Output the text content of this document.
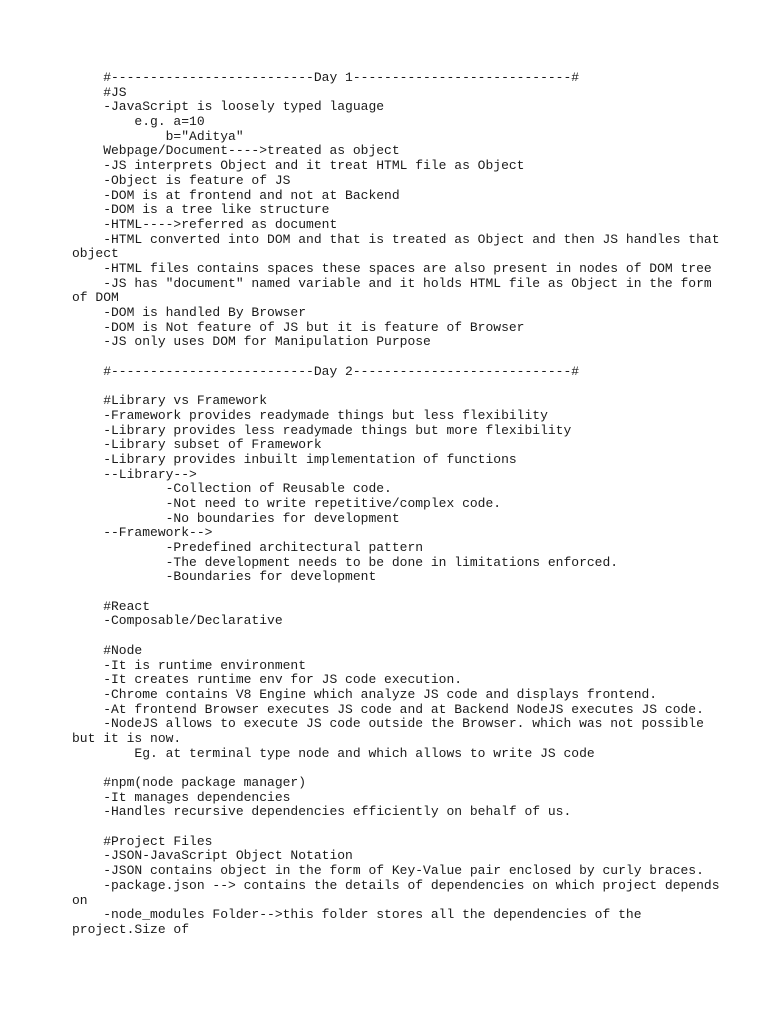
#--------------------------Day 1----------------------------#
#JS
-JavaScript is loosely typed laguage
e.g. a=10
b="Aditya"
Webpage/Document---->treated as object
-JS interprets Object and it treat HTML file as Object
-Object is feature of JS
-DOM is at frontend and not at Backend
-DOM is a tree like structure
-HTML---->referred as document
-HTML converted into DOM and that is treated as Object and then JS handles that
object
-HTML files contains spaces these spaces are also present in nodes of DOM tree
-JS has "document" named variable and it holds HTML file as Object in the form
of DOM
-DOM is handled By Browser
-DOM is Not feature of JS but it is feature of Browser
-JS only uses DOM for Manipulation Purpose
#--------------------------Day 2----------------------------#
#Library vs Framework
-Framework provides readymade things but less flexibility
-Library provides less readymade things but more flexibility
-Library subset of Framework
-Library provides inbuilt implementation of functions
--Library-->
-Collection of Reusable code.
-Not need to write repetitive/complex code.
-No boundaries for development
--Framework-->
-Predefined architectural pattern
-The development needs to be done in limitations enforced.
-Boundaries for development
#React
-Composable/Declarative
#Node
-It is runtime environment
-It creates runtime env for JS code execution.
-Chrome contains V8 Engine which analyze JS code and displays frontend.
-At frontend Browser executes JS code and at Backend NodeJS executes JS code.
-NodeJS allows to execute JS code outside the Browser. which was not possible
but it is now.
Eg. at terminal type node and which allows to write JS code
#npm(node package manager)
-It manages dependencies
-Handles recursive dependencies efficiently on behalf of us.
#Project Files
-JSON-JavaScript Object Notation
-JSON contains object in the form of Key-Value pair enclosed by curly braces.
-package.json --> contains the details of dependencies on which project depends
on
-node_modules Folder-->this folder stores all the dependencies of the
project.Size of
